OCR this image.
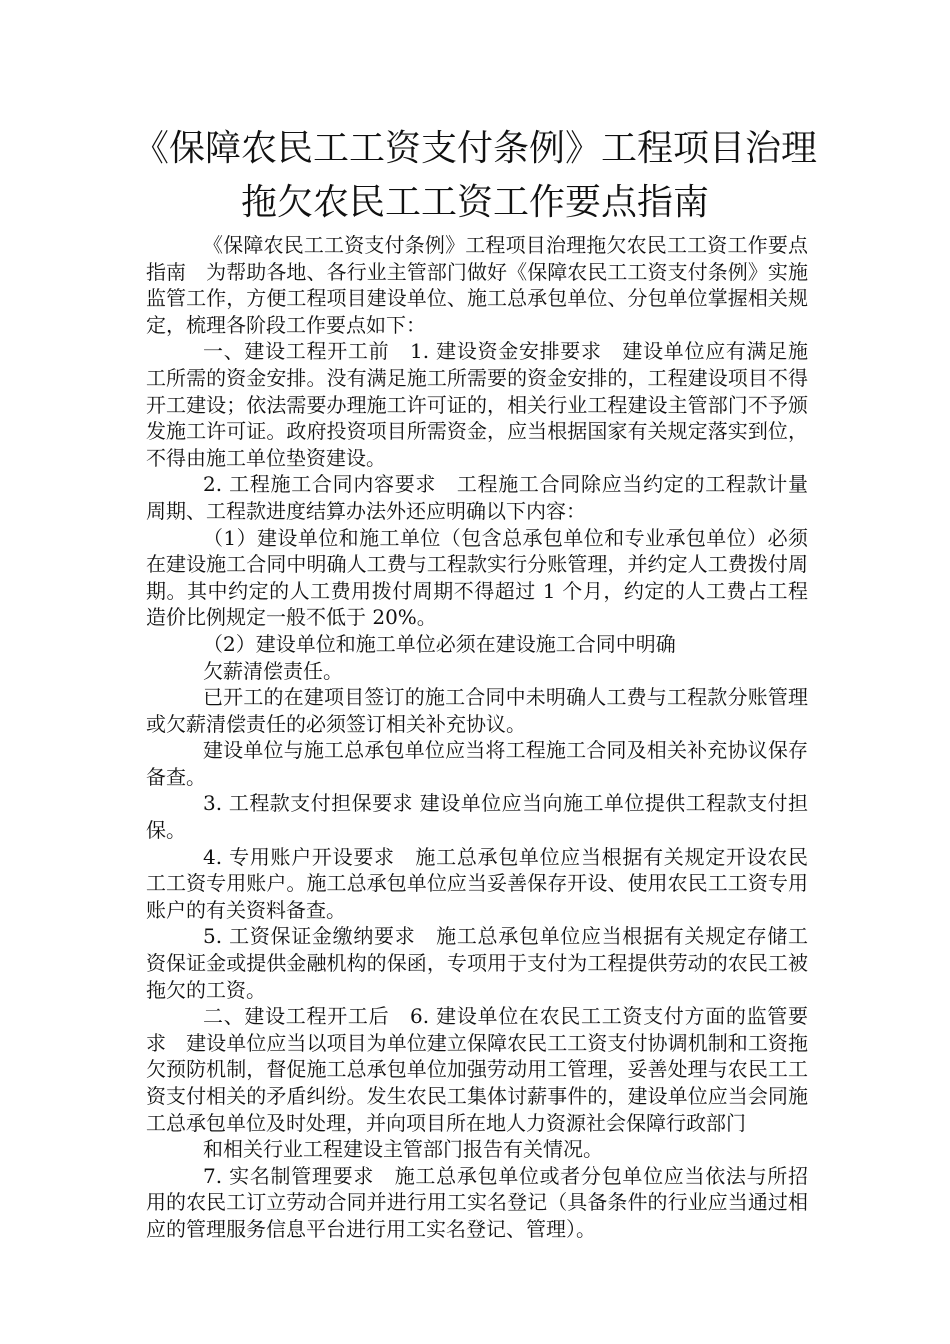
《保障农民工工资支付条例》工程项目治理拖欠农民工工资工作要点指南

《保障农民工工资支付条例》工程项目治理拖欠农民工工资工作要点指南　为帮助各地、各行业主管部门做好《保障农民工工资支付条例》实施监管工作，方便工程项目建设单位、施工总承包单位、分包单位掌握相关规定，梳理各阶段工作要点如下：

一、建设工程开工前　1. 建设资金安排要求　建设单位应有满足施工所需的资金安排。没有满足施工所需要的资金安排的，工程建设项目不得开工建设；依法需要办理施工许可证的，相关行业工程建设主管部门不予颁发施工许可证。政府投资项目所需资金，应当根据国家有关规定落实到位，不得由施工单位垫资建设。

2. 工程施工合同内容要求　工程施工合同除应当约定的工程款计量周期、工程款进度结算办法外还应明确以下内容：

（1）建设单位和施工单位（包含总承包单位和专业承包单位）必须在建设施工合同中明确人工费与工程款实行分账管理，并约定人工费拨付周期。其中约定的人工费用拨付周期不得超过 1 个月，约定的人工费占工程造价比例规定一般不低于 20%。

（2）建设单位和施工单位必须在建设施工合同中明确

欠薪清偿责任。

已开工的在建项目签订的施工合同中未明确人工费与工程款分账管理或欠薪清偿责任的必须签订相关补充协议。

建设单位与施工总承包单位应当将工程施工合同及相关补充协议保存备查。

3. 工程款支付担保要求 建设单位应当向施工单位提供工程款支付担保。

4. 专用账户开设要求　施工总承包单位应当根据有关规定开设农民工工资专用账户。施工总承包单位应当妥善保存开设、使用农民工工资专用账户的有关资料备查。

5. 工资保证金缴纳要求　施工总承包单位应当根据有关规定存储工资保证金或提供金融机构的保函，专项用于支付为工程提供劳动的农民工被拖欠的工资。

二、建设工程开工后　6. 建设单位在农民工工资支付方面的监管要求　建设单位应当以项目为单位建立保障农民工工资支付协调机制和工资拖欠预防机制，督促施工总承包单位加强劳动用工管理，妥善处理与农民工工资支付相关的矛盾纠纷。发生农民工集体讨薪事件的，建设单位应当会同施工总承包单位及时处理，并向项目所在地人力资源社会保障行政部门

和相关行业工程建设主管部门报告有关情况。

7. 实名制管理要求　施工总承包单位或者分包单位应当依法与所招用的农民工订立劳动合同并进行用工实名登记（具备条件的行业应当通过相应的管理服务信息平台进行用工实名登记、管理）。
